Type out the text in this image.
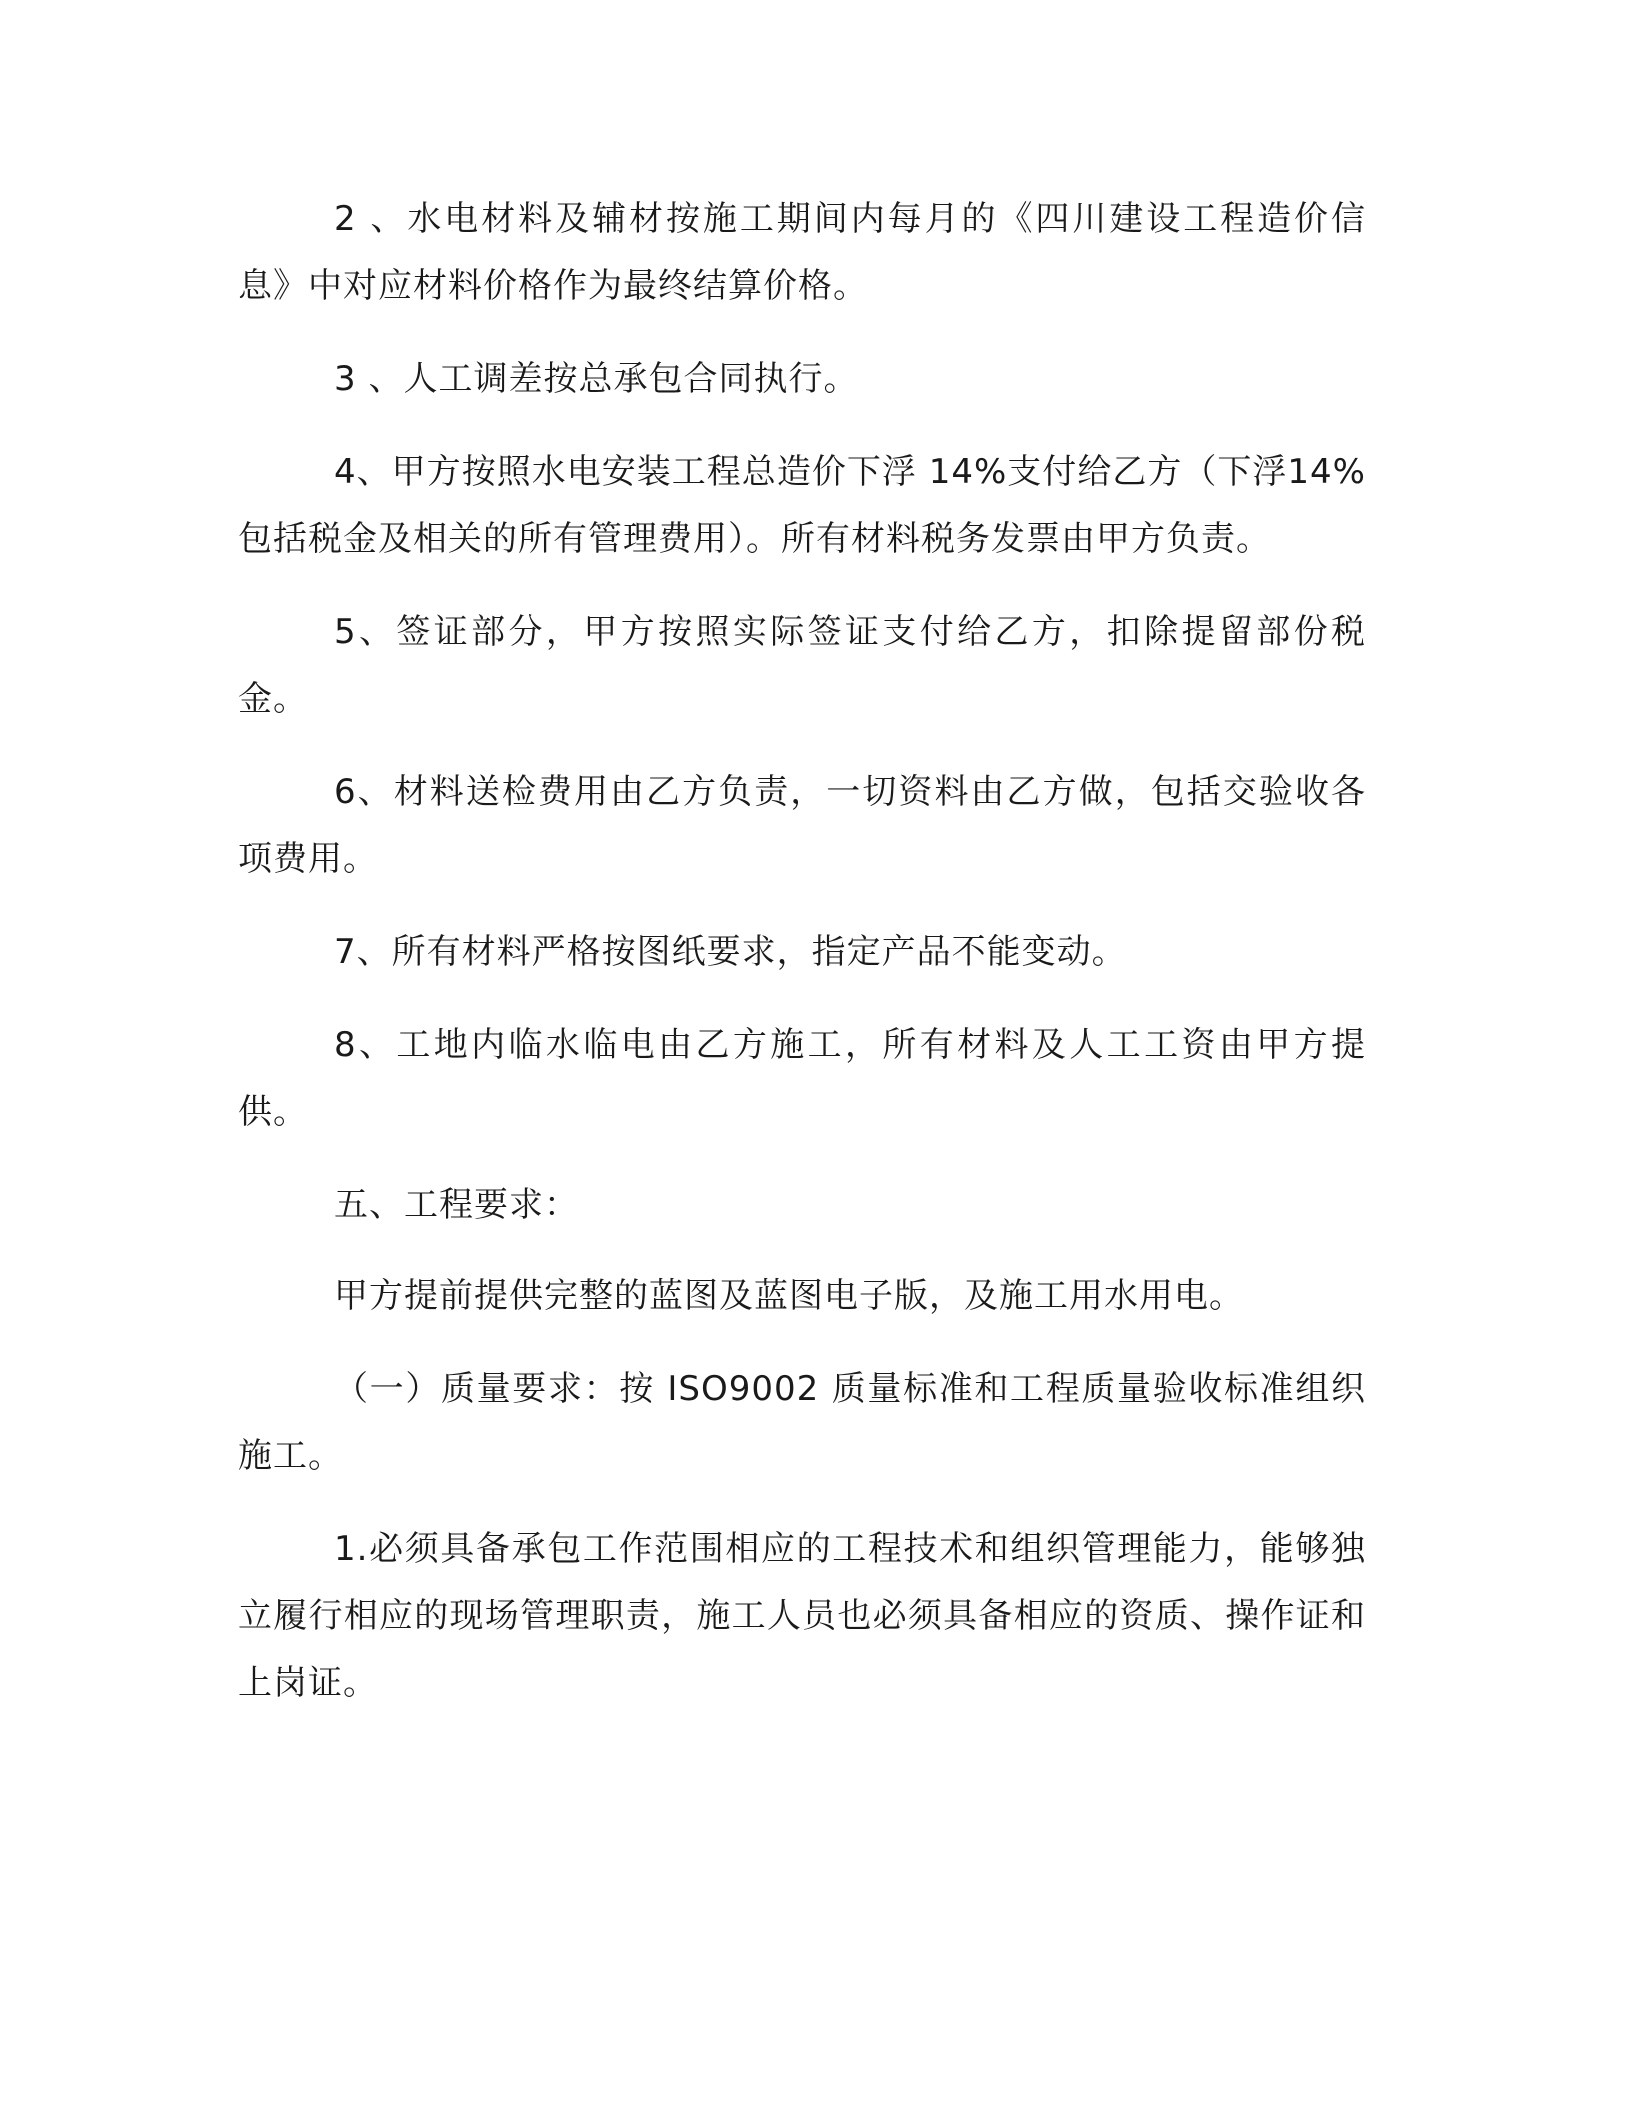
2 、水电材料及辅材按施工期间内每月的《四川建设工程造价信息》中对应材料价格作为最终结算价格。

3 、人工调差按总承包合同执行。

4、甲方按照水电安装工程总造价下浮 14%支付给乙方（下浮14%包括税金及相关的所有管理费用）。所有材料税务发票由甲方负责。

5、签证部分，甲方按照实际签证支付给乙方，扣除提留部份税金。

6、材料送检费用由乙方负责，一切资料由乙方做，包括交验收各项费用。

7、所有材料严格按图纸要求，指定产品不能变动。

8、工地内临水临电由乙方施工，所有材料及人工工资由甲方提供。

五、工程要求：

甲方提前提供完整的蓝图及蓝图电子版，及施工用水用电。

（一）质量要求：按 ISO9002 质量标准和工程质量验收标准组织施工。

1.必须具备承包工作范围相应的工程技术和组织管理能力，能够独立履行相应的现场管理职责，施工人员也必须具备相应的资质、操作证和上岗证。
